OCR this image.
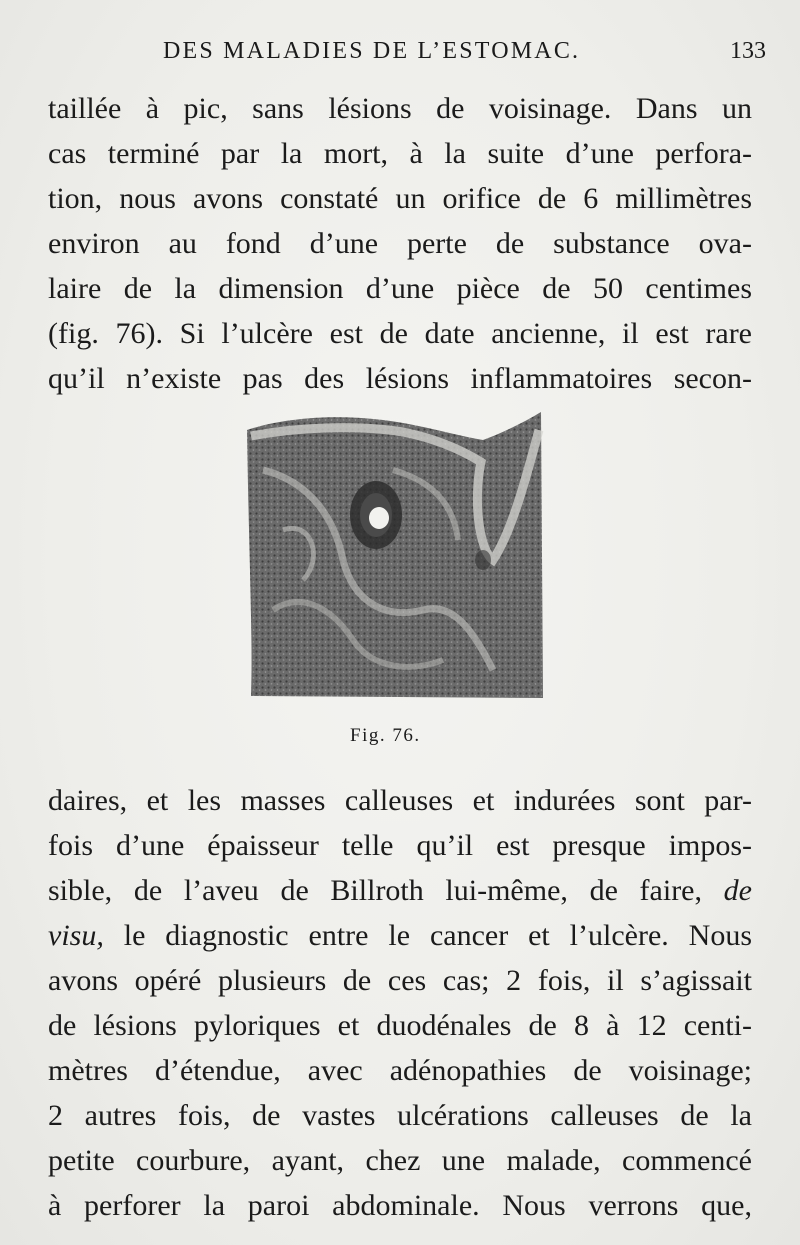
DES MALADIES DE L’ESTOMAC.	133
taillée à pic, sans lésions de voisinage. Dans un
cas terminé par la mort, à la suite d’une perfora-
tion, nous avons constaté un orifice de 6 millimètres
environ au fond d’une perte de substance ova-
laire de la dimension d’une pièce de 50 centimes
(fig. 76). Si l’ulcère est de date ancienne, il est rare
qu’il n’existe pas des lésions inflammatoires secon-
Fig. 76.
daires, et les masses calleuses et indurées sont par-
fois d’une épaisseur telle qu’il est presque impos-
sible, de l’aveu de Billroth lui-même, de faire, de
visu, le diagnostic entre le cancer et l’ulcère. Nous
avons opéré plusieurs de ces cas; 2 fois, il s’agissait
de lésions pyloriques et duodénales de 8 à 12 centi-
mètres d’étendue, avec adénopathies de voisinage;
2 autres fois, de vastes ulcérations calleuses de la
petite courbure, ayant, chez une malade, commencé
à perforer la paroi abdominale. Nous verrons que,
